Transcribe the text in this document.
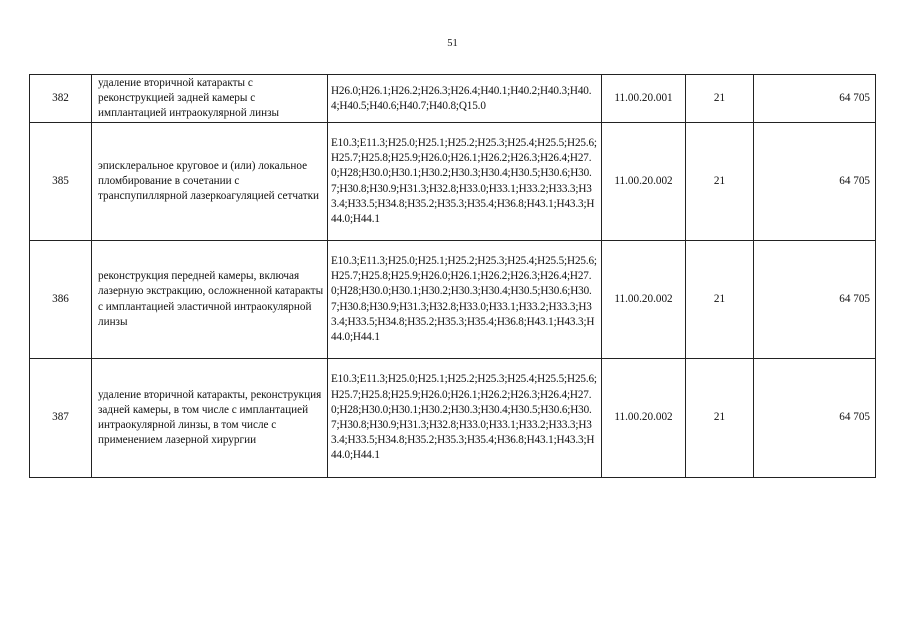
51
382	удаление вторичной катаракты с реконструкцией задней камеры с имплантацией интраокулярной линзы	H26.0;H26.1;H26.2;H26.3;H26.4;H40.1;H40.2;H40.3;H40.4;H40.5;H40.6;H40.7;H40.8;Q15.0	11.00.20.001	21	64 705
385	эписклеральное круговое и (или) локальное пломбирование в сочетании с транспупиллярной лазеркоагуляцией сетчатки	E10.3;E11.3;H25.0;H25.1;H25.2;H25.3;H25.4;H25.5;H25.6;H25.7;H25.8;H25.9;H26.0;H26.1;H26.2;H26.3;H26.4;H27.0;H28;H30.0;H30.1;H30.2;H30.3;H30.4;H30.5;H30.6;H30.7;H30.8;H30.9;H31.3;H32.8;H33.0;H33.1;H33.2;H33.3;H33.4;H33.5;H34.8;H35.2;H35.3;H35.4;H36.8;H43.1;H43.3;H44.0;H44.1	11.00.20.002	21	64 705
386	реконструкция передней камеры, включая лазерную экстракцию, осложненной катаракты с имплантацией эластичной интраокулярной линзы	E10.3;E11.3;H25.0;H25.1;H25.2;H25.3;H25.4;H25.5;H25.6;H25.7;H25.8;H25.9;H26.0;H26.1;H26.2;H26.3;H26.4;H27.0;H28;H30.0;H30.1;H30.2;H30.3;H30.4;H30.5;H30.6;H30.7;H30.8;H30.9;H31.3;H32.8;H33.0;H33.1;H33.2;H33.3;H33.4;H33.5;H34.8;H35.2;H35.3;H35.4;H36.8;H43.1;H43.3;H44.0;H44.1	11.00.20.002	21	64 705
387	удаление вторичной катаракты, реконструкция задней камеры, в том числе с имплантацией интраокулярной линзы, в том числе с применением лазерной хирургии	E10.3;E11.3;H25.0;H25.1;H25.2;H25.3;H25.4;H25.5;H25.6;H25.7;H25.8;H25.9;H26.0;H26.1;H26.2;H26.3;H26.4;H27.0;H28;H30.0;H30.1;H30.2;H30.3;H30.4;H30.5;H30.6;H30.7;H30.8;H30.9;H31.3;H32.8;H33.0;H33.1;H33.2;H33.3;H33.4;H33.5;H34.8;H35.2;H35.3;H35.4;H36.8;H43.1;H43.3;H44.0;H44.1	11.00.20.002	21	64 705
